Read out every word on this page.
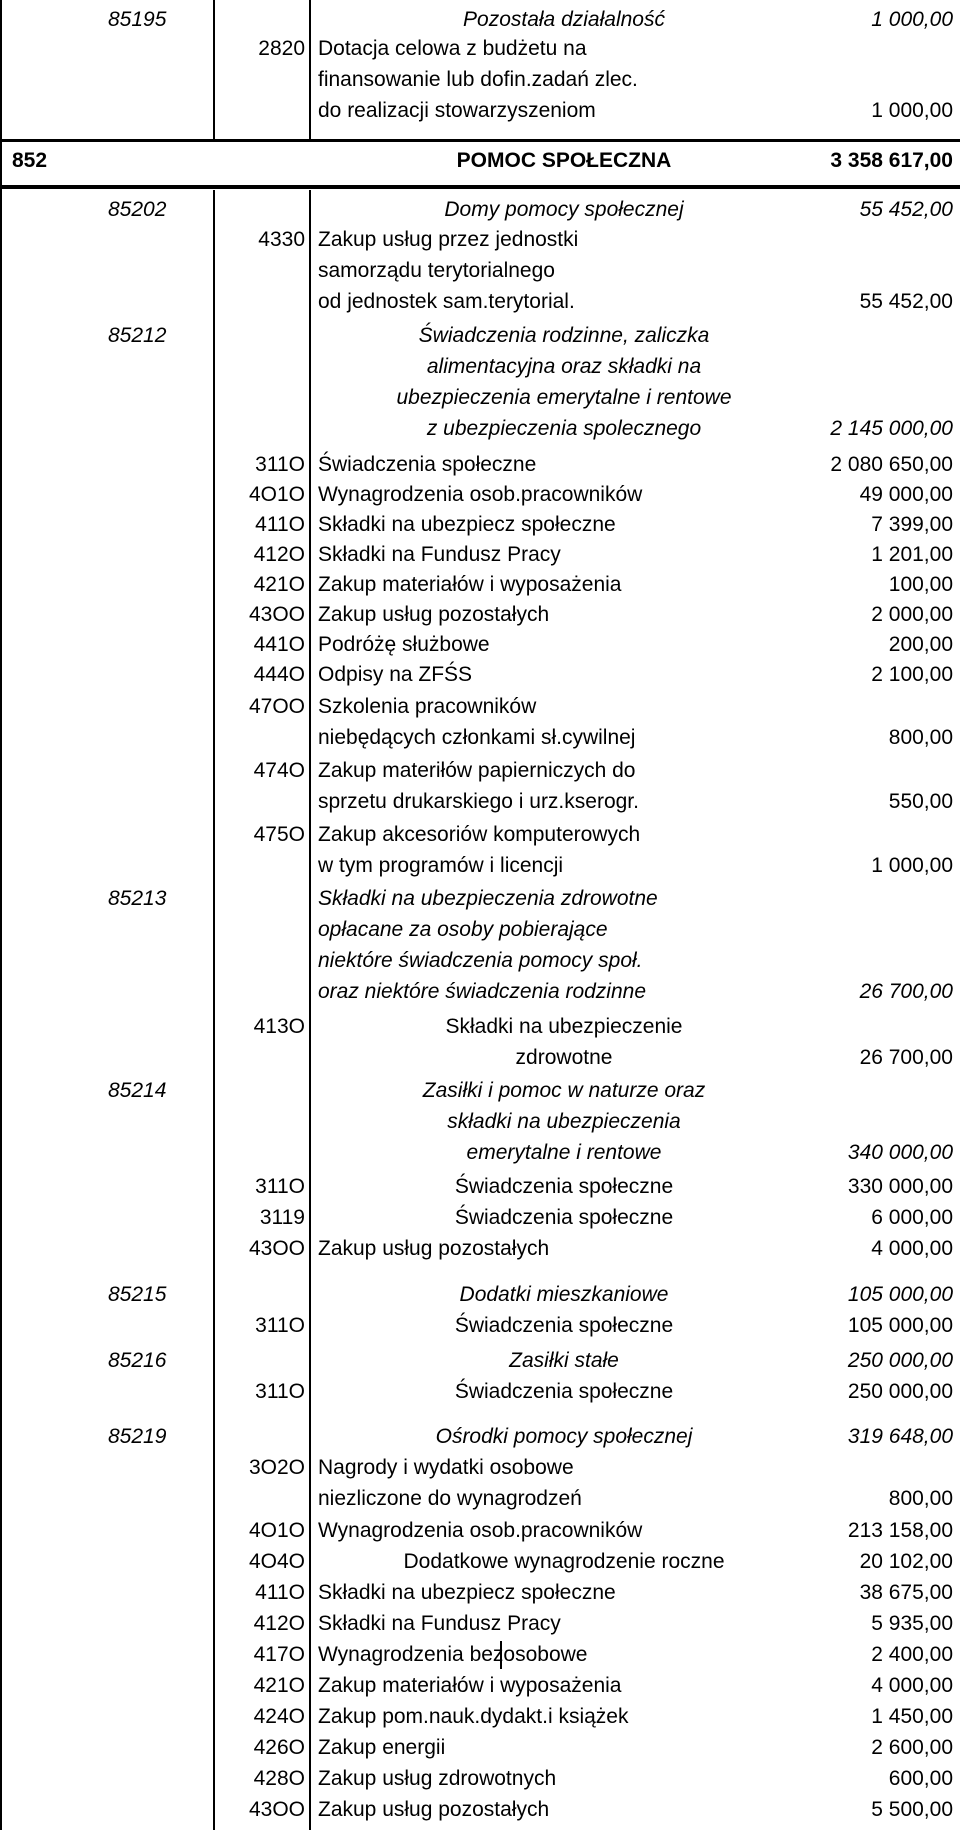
85195	Pozostała działalność	1 000,00
2820 Dotacja celowa z budżetu na
finansowanie lub dofin.zadań zlec.
do realizacji stowarzyszeniom	1 000,00
852	POMOC SPOŁECZNA	3 358 617,00
85202	Domy pomocy społecznej	55 452,00
4330 Zakup usług przez jednostki
samorządu terytorialnego
od jednostek sam.terytorial.	55 452,00
85212	Świadczenia rodzinne, zaliczka
alimentacyjna oraz składki na
ubezpieczenia emerytalne i rentowe
z ubezpieczenia spolecznego	2 145 000,00
311O Świadczenia społeczne	2 080 650,00
4O1O Wynagrodzenia osob.pracowników	49 000,00
411O Składki na ubezpiecz społeczne	7 399,00
412O Składki na Fundusz Pracy	1 201,00
421O Zakup materiałów i wyposażenia	100,00
43OO Zakup usług pozostałych	2 000,00
441O Podróżę służbowe	200,00
444O Odpisy na ZFŚS	2 100,00
47OO Szkolenia pracowników
niebędących członkami sł.cywilnej	800,00
474O Zakup materiłów papierniczych do
sprzetu drukarskiego i urz.kserogr.	550,00
475O Zakup akcesoriów komputerowych
w tym programów i licencji	1 000,00
85213	Składki na ubezpieczenia zdrowotne
opłacane za osoby pobierające
niektóre świadczenia pomocy społ.
oraz niektóre świadczenia rodzinne	26 700,00
413O	Składki na ubezpieczenie
zdrowotne	26 700,00
85214	Zasiłki i pomoc w naturze oraz
składki na ubezpieczenia
emerytalne i rentowe	340 000,00
311O	Świadczenia społeczne	330 000,00
3119	Świadczenia społeczne	6 000,00
43OO Zakup usług pozostałych	4 000,00
85215	Dodatki mieszkaniowe	105 000,00
311O	Świadczenia społeczne	105 000,00
85216	Zasiłki stałe	250 000,00
311O	Świadczenia społeczne	250 000,00
85219	Ośrodki pomocy społecznej	319 648,00
3O2O Nagrody i wydatki osobowe
niezliczone do wynagrodzeń	800,00
4O1O Wynagrodzenia osob.pracowników	213 158,00
4O4O	Dodatkowe wynagrodzenie roczne	20 102,00
411O Składki na ubezpiecz społeczne	38 675,00
412O Składki na Fundusz Pracy	5 935,00
417O Wynagrodzenia bezosobowe	2 400,00
421O Zakup materiałów i wyposażenia	4 000,00
424O Zakup pom.nauk.dydakt.i książek	1 450,00
426O Zakup energii	2 600,00
428O Zakup usług zdrowotnych	600,00
43OO Zakup usług pozostałych	5 500,00
